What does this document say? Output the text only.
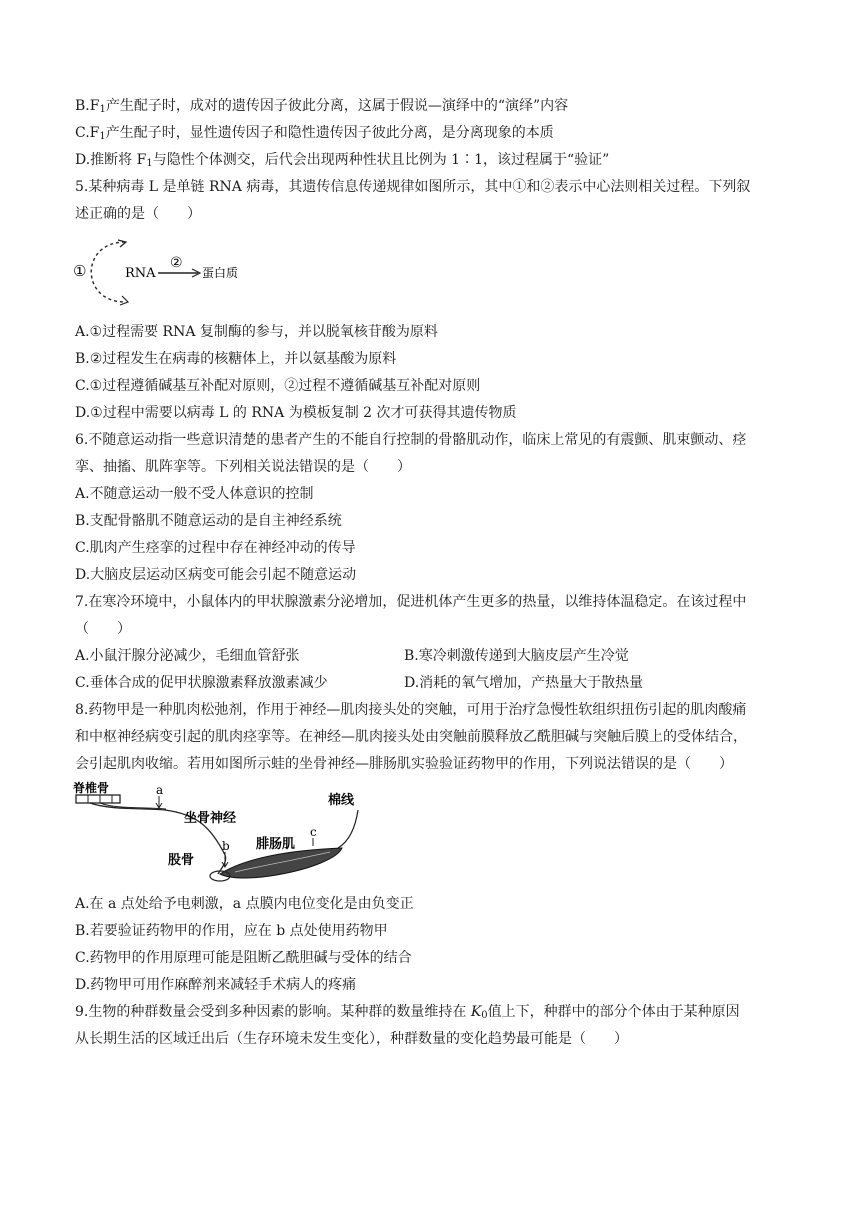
$B.F_1$产生配子时，成对的遗传因子彼此分离，这属于假说—演绎中的“演绎”内容
$C.F_1$产生配子时，显性遗传因子和隐性遗传因子彼此分离，是分离现象的本质
D.推断将 $F_1$与隐性个体测交，后代会出现两种性状且比例为 1∶1，该过程属于“验证”
5.某种病毒 L 是单链 RNA 病毒，其遗传信息传递规律如图所示，其中①和②表示中心法则相关过程。下列叙
述正确的是（　　）
①	RNA
②
蛋白质
A.①过程需要 RNA 复制酶的参与，并以脱氧核苷酸为原料
B.②过程发生在病毒的核糖体上，并以氨基酸为原料
C.①过程遵循碱基互补配对原则，②过程不遵循碱基互补配对原则
D.①过程中需要以病毒 L 的 RNA 为模板复制 2 次才可获得其遗传物质
6.不随意运动指一些意识清楚的患者产生的不能自行控制的骨骼肌动作，临床上常见的有震颤、肌束颤动、痉
挛、抽搐、肌阵挛等。下列相关说法错误的是（　　）
A.不随意运动一般不受人体意识的控制
B.支配骨骼肌不随意运动的是自主神经系统
C.肌肉产生痉挛的过程中存在神经冲动的传导
D.大脑皮层运动区病变可能会引起不随意运动
7.在寒冷环境中，小鼠体内的甲状腺激素分泌增加，促进机体产生更多的热量，以维持体温稳定。在该过程中
（　　）
A.小鼠汗腺分泌减少，毛细血管舒张	B.寒冷刺激传递到大脑皮层产生冷觉
C.垂体合成的促甲状腺激素释放激素减少	D.消耗的氧气增加，产热量大于散热量
8.药物甲是一种肌肉松弛剂，作用于神经—肌肉接头处的突触，可用于治疗急慢性软组织扭伤引起的肌肉酸痛
和中枢神经病变引起的肌肉痉挛等。在神经—肌肉接头处由突触前膜释放乙酰胆碱与突触后膜上的受体结合，
会引起肌肉收缩。若用如图所示蛙的坐骨神经—腓肠肌实验验证药物甲的作用，下列说法错误的是（　　）
脊椎骨	a
坐骨神经
棉线
c
腓肠肌
b
股骨
A.在 a 点处给予电刺激，a 点膜内电位变化是由负变正
B.若要验证药物甲的作用，应在 b 点处使用药物甲
C.药物甲的作用原理可能是阻断乙酰胆碱与受体的结合
D.药物甲可用作麻醉剂来减轻手术病人的疼痛
9.生物的种群数量会受到多种因素的影响。某种群的数量维持在 $K_0$值上下，种群中的部分个体由于某种原因
从长期生活的区域迁出后（生存环境未发生变化），种群数量的变化趋势最可能是（　　）
